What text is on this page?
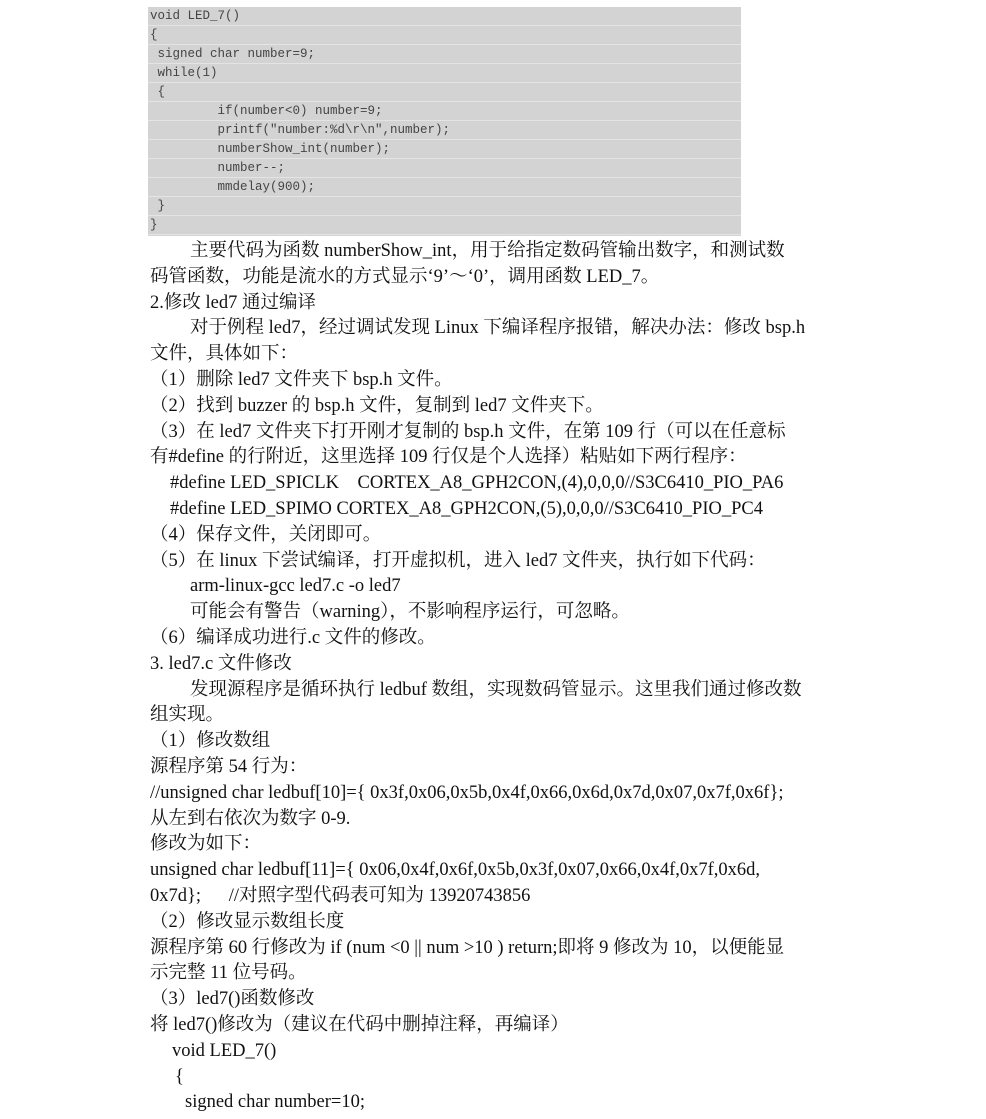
void LED_7()
{
signed char number=9;
while(1)
{
if(number<0) number=9;
printf("number:%d\r\n",number);
numberShow_int(number);
number--;
mmdelay(900);
}
}
主要代码为函数 numberShow_int，用于给指定数码管输出数字，和测试数
码管函数，功能是流水的方式显示‘9’～‘0’，调用函数 LED_7。
2.修改 led7 通过编译
对于例程 led7，经过调试发现 Linux 下编译程序报错，解决办法：修改 bsp.h
文件，具体如下：
（1）删除 led7 文件夹下 bsp.h 文件。
（2）找到 buzzer 的 bsp.h 文件，复制到 led7 文件夹下。
（3）在 led7 文件夹下打开刚才复制的 bsp.h 文件，在第 109 行（可以在任意标
有#define 的行附近，这里选择 109 行仅是个人选择）粘贴如下两行程序：
#define LED_SPICLK    CORTEX_A8_GPH2CON,(4),0,0,0//S3C6410_PIO_PA6
#define LED_SPIMO CORTEX_A8_GPH2CON,(5),0,0,0//S3C6410_PIO_PC4
（4）保存文件，关闭即可。
（5）在 linux 下尝试编译，打开虚拟机，进入 led7 文件夹，执行如下代码：
arm-linux-gcc led7.c -o led7
可能会有警告（warning），不影响程序运行，可忽略。
（6）编译成功进行.c 文件的修改。
3. led7.c 文件修改
发现源程序是循环执行 ledbuf 数组，实现数码管显示。这里我们通过修改数
组实现。
（1）修改数组
源程序第 54 行为：
//unsigned char ledbuf[10]={ 0x3f,0x06,0x5b,0x4f,0x66,0x6d,0x7d,0x07,0x7f,0x6f};
从左到右依次为数字 0-9.
修改为如下：
unsigned char ledbuf[11]={ 0x06,0x4f,0x6f,0x5b,0x3f,0x07,0x66,0x4f,0x7f,0x6d,
0x7d};      //对照字型代码表可知为 13920743856
（2）修改显示数组长度
源程序第 60 行修改为 if (num <0 || num >10 ) return;即将 9 修改为 10，以便能显
示完整 11 位号码。
（3）led7()函数修改
将 led7()修改为（建议在代码中删掉注释，再编译）
void LED_7()
{
signed char number=10;
